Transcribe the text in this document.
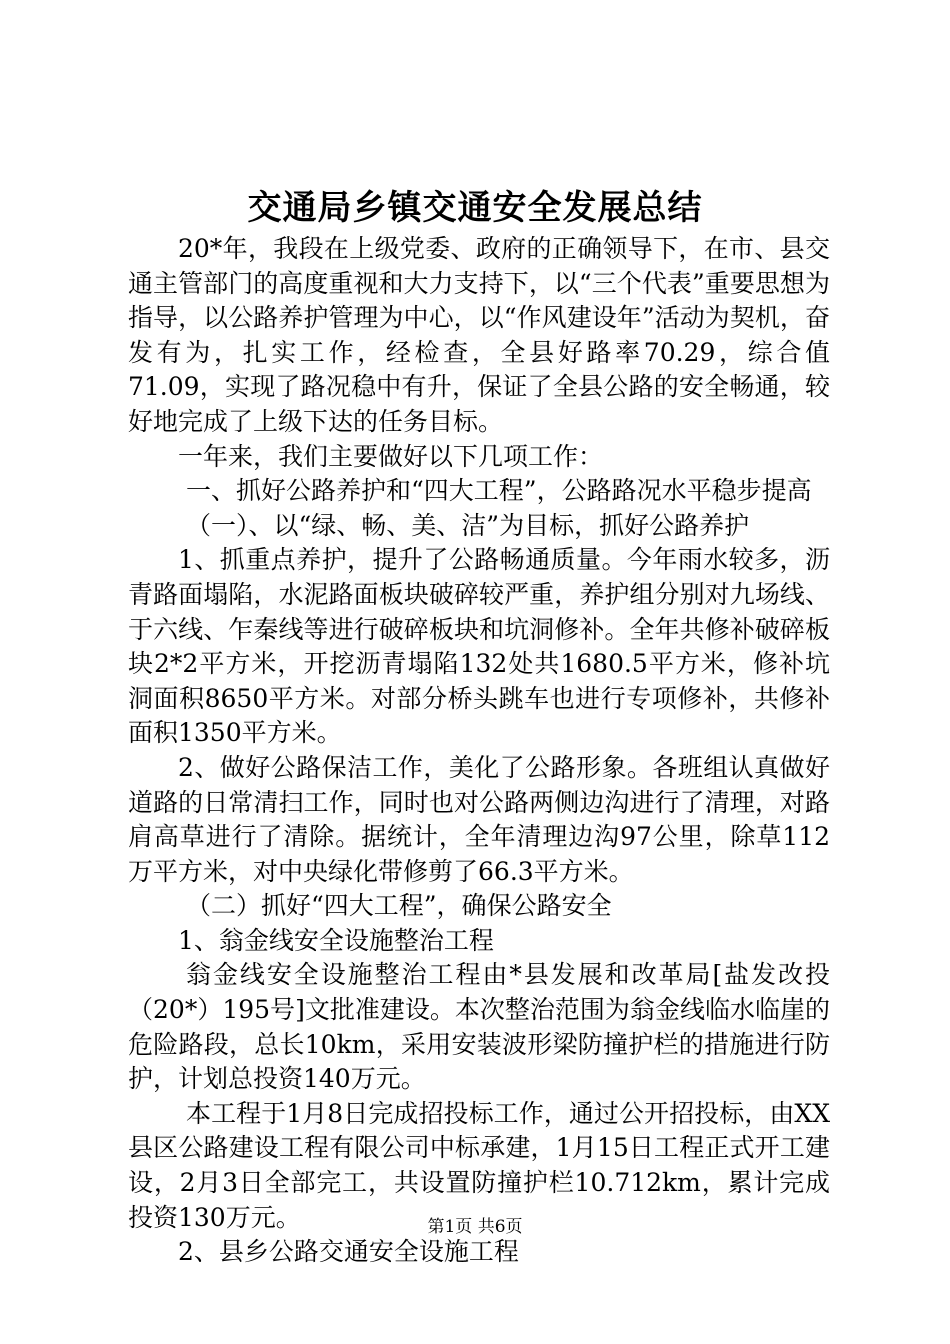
交通局乡镇交通安全发展总结

20*年，我段在上级党委、政府的正确领导下，在市、县交通主管部门的高度重视和大力支持下，以“三个代表”重要思想为指导，以公路养护管理为中心，以“作风建设年”活动为契机，奋发有为，扎实工作，经检查，全县好路率70.29，综合值71.09，实现了路况稳中有升，保证了全县公路的安全畅通，较好地完成了上级下达的任务目标。

一年来，我们主要做好以下几项工作：

一、抓好公路养护和“四大工程”，公路路况水平稳步提高

（一）、以“绿、畅、美、洁”为目标，抓好公路养护

1、抓重点养护，提升了公路畅通质量。今年雨水较多，沥青路面塌陷，水泥路面板块破碎较严重，养护组分别对九场线、于六线、乍秦线等进行破碎板块和坑洞修补。全年共修补破碎板块2*2平方米，开挖沥青塌陷132处共1680.5平方米，修补坑洞面积8650平方米。对部分桥头跳车也进行专项修补，共修补面积1350平方米。

2、做好公路保洁工作，美化了公路形象。各班组认真做好道路的日常清扫工作，同时也对公路两侧边沟进行了清理，对路肩高草进行了清除。据统计，全年清理边沟97公里，除草112万平方米，对中央绿化带修剪了66.3平方米。

（二）抓好“四大工程”，确保公路安全

1、翁金线安全设施整治工程

翁金线安全设施整治工程由*县发展和改革局[盐发改投（20*）195号]文批准建设。本次整治范围为翁金线临水临崖的危险路段，总长10km，采用安装波形梁防撞护栏的措施进行防护，计划总投资140万元。

本工程于1月8日完成招投标工作，通过公开招投标，由XX县区公路建设工程有限公司中标承建，1月15日工程正式开工建设，2月3日全部完工，共设置防撞护栏10.712km，累计完成投资130万元。

2、县乡公路交通安全设施工程

第1页 共6页
